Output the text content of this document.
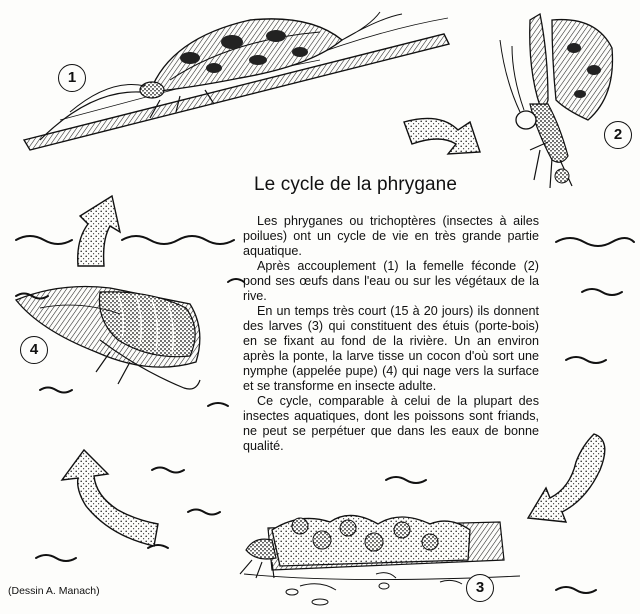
1
2
3
4
Le cycle de la phrygane

Les phryganes ou trichoptères (insectes à ailes poilues) ont un cycle de vie en très grande partie aquatique.

Après accouplement (1) la femelle féconde (2) pond ses œufs dans l'eau ou sur les végétaux de la rive.

En un temps très court (15 à 20 jours) ils donnent des larves (3) qui constituent des étuis (porte-bois) en se fixant au fond de la rivière. Un an environ après la ponte, la larve tisse un cocon d'où sort une nymphe (appelée pupe) (4) qui nage vers la surface et se transforme en insecte adulte.

Ce cycle, comparable à celui de la plupart des insectes aquatiques, dont les poissons sont friands, ne peut se perpétuer que dans les eaux de bonne qualité.

(Dessin A. Manach)
